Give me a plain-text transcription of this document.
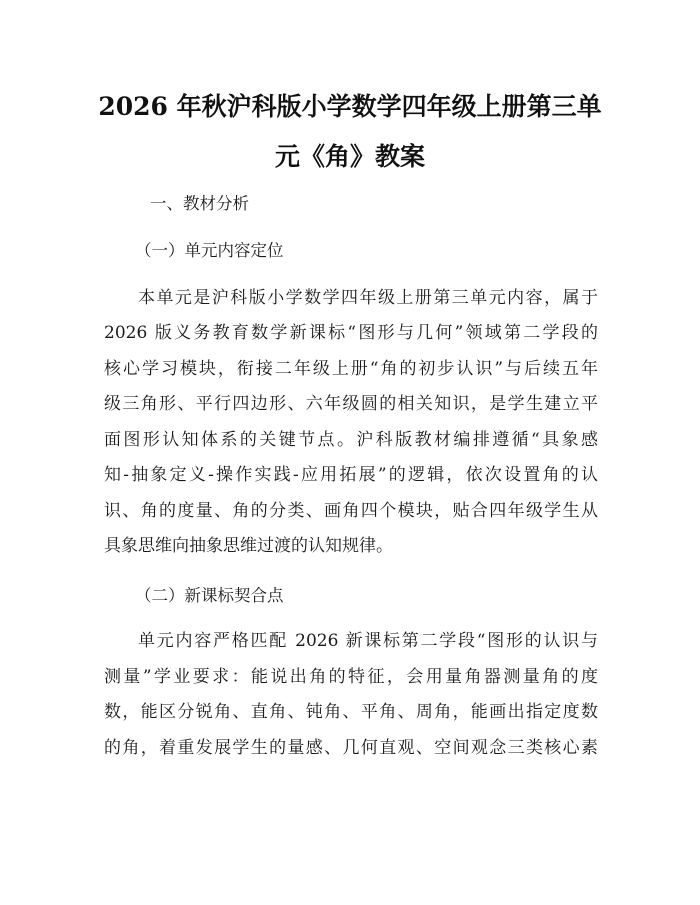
2026 年秋沪科版小学数学四年级上册第三单
元《角》教案
一、教材分析
（一）单元内容定位
本单元是沪科版小学数学四年级上册第三单元内容，属于
2026 版义务教育数学新课标“图形与几何”领域第二学段的
核心学习模块，衔接二年级上册“角的初步认识”与后续五年
级三角形、平行四边形、六年级圆的相关知识，是学生建立平
面图形认知体系的关键节点。沪科版教材编排遵循“具象感
知-抽象定义-操作实践-应用拓展”的逻辑，依次设置角的认
识、角的度量、角的分类、画角四个模块，贴合四年级学生从
具象思维向抽象思维过渡的认知规律。
（二）新课标契合点
单元内容严格匹配 2026 新课标第二学段“图形的认识与
测量”学业要求：能说出角的特征，会用量角器测量角的度
数，能区分锐角、直角、钝角、平角、周角，能画出指定度数
的角，着重发展学生的量感、几何直观、空间观念三类核心素
